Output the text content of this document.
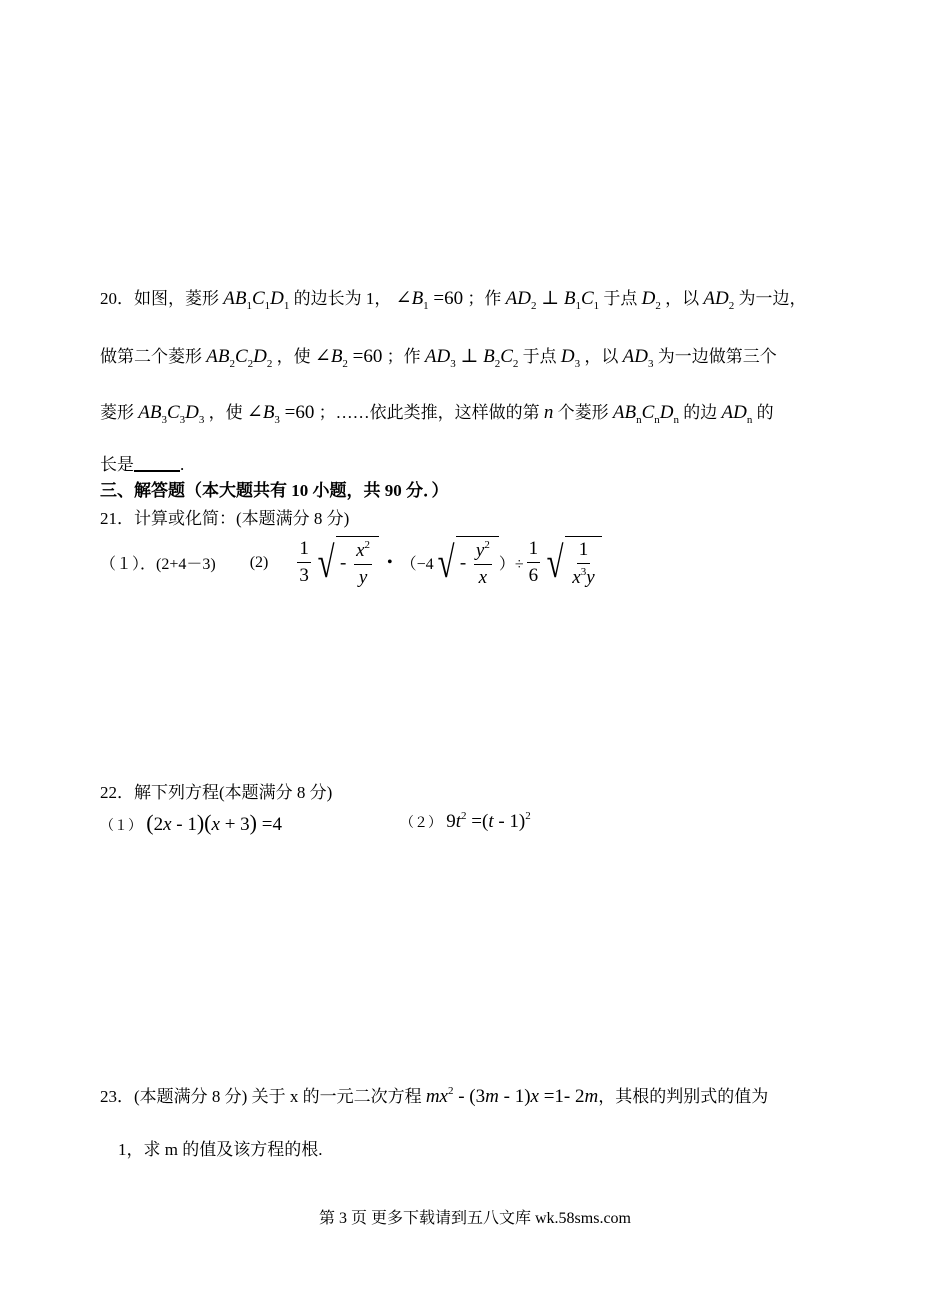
20．如图，菱形 $AB_1C_1D_1$ 的边长为 1， $\angle B_1 =60$ ；作 $AD_2$ ⊥ $B_1C_1$ 于点 $D_2$ ，以 $AD_2$ 为一边，
做第二个菱形 $AB_2C_2D_2$ ，使 $\angle B_2 =60$ ；作 $AD_3$ ⊥ $B_2C_2$ 于点 $D_3$ ，以 $AD_3$ 为一边做第三个
菱形 $AB_3C_3D_3$ ，使 $\angle B_3 =60$ ；……依此类推，这样做的第 n 个菱形 $AB_nC_nD_n$ 的边 $AD_n$ 的
长是	.
三、解答题（本大题共有 10 小题，共 90 分．）
21．计算或化简：(本题满分 8 分)
（１）．(2+4－3) $(2) \frac{1}{3}$ √ - $\frac{x^2}{y}$ • （−4 √ - $\frac{y^2}{x}$ ）÷ $\frac{1}{6}$ √ $\frac{1}{x^3y}$
22．解下列方程(本题满分 8 分)
（１） (2x - 1)(x + 3) =4	（２） $9t^2 =(t - 1)^2$
23．(本题满分 8 分) 关于 x 的一元二次方程 $mx^2 - (3m - 1)x =1-$ 2m，其根的判别式的值为
1，求 m 的值及该方程的根.
第 3 页 更多下载请到五八文库 wk.58sms.com
